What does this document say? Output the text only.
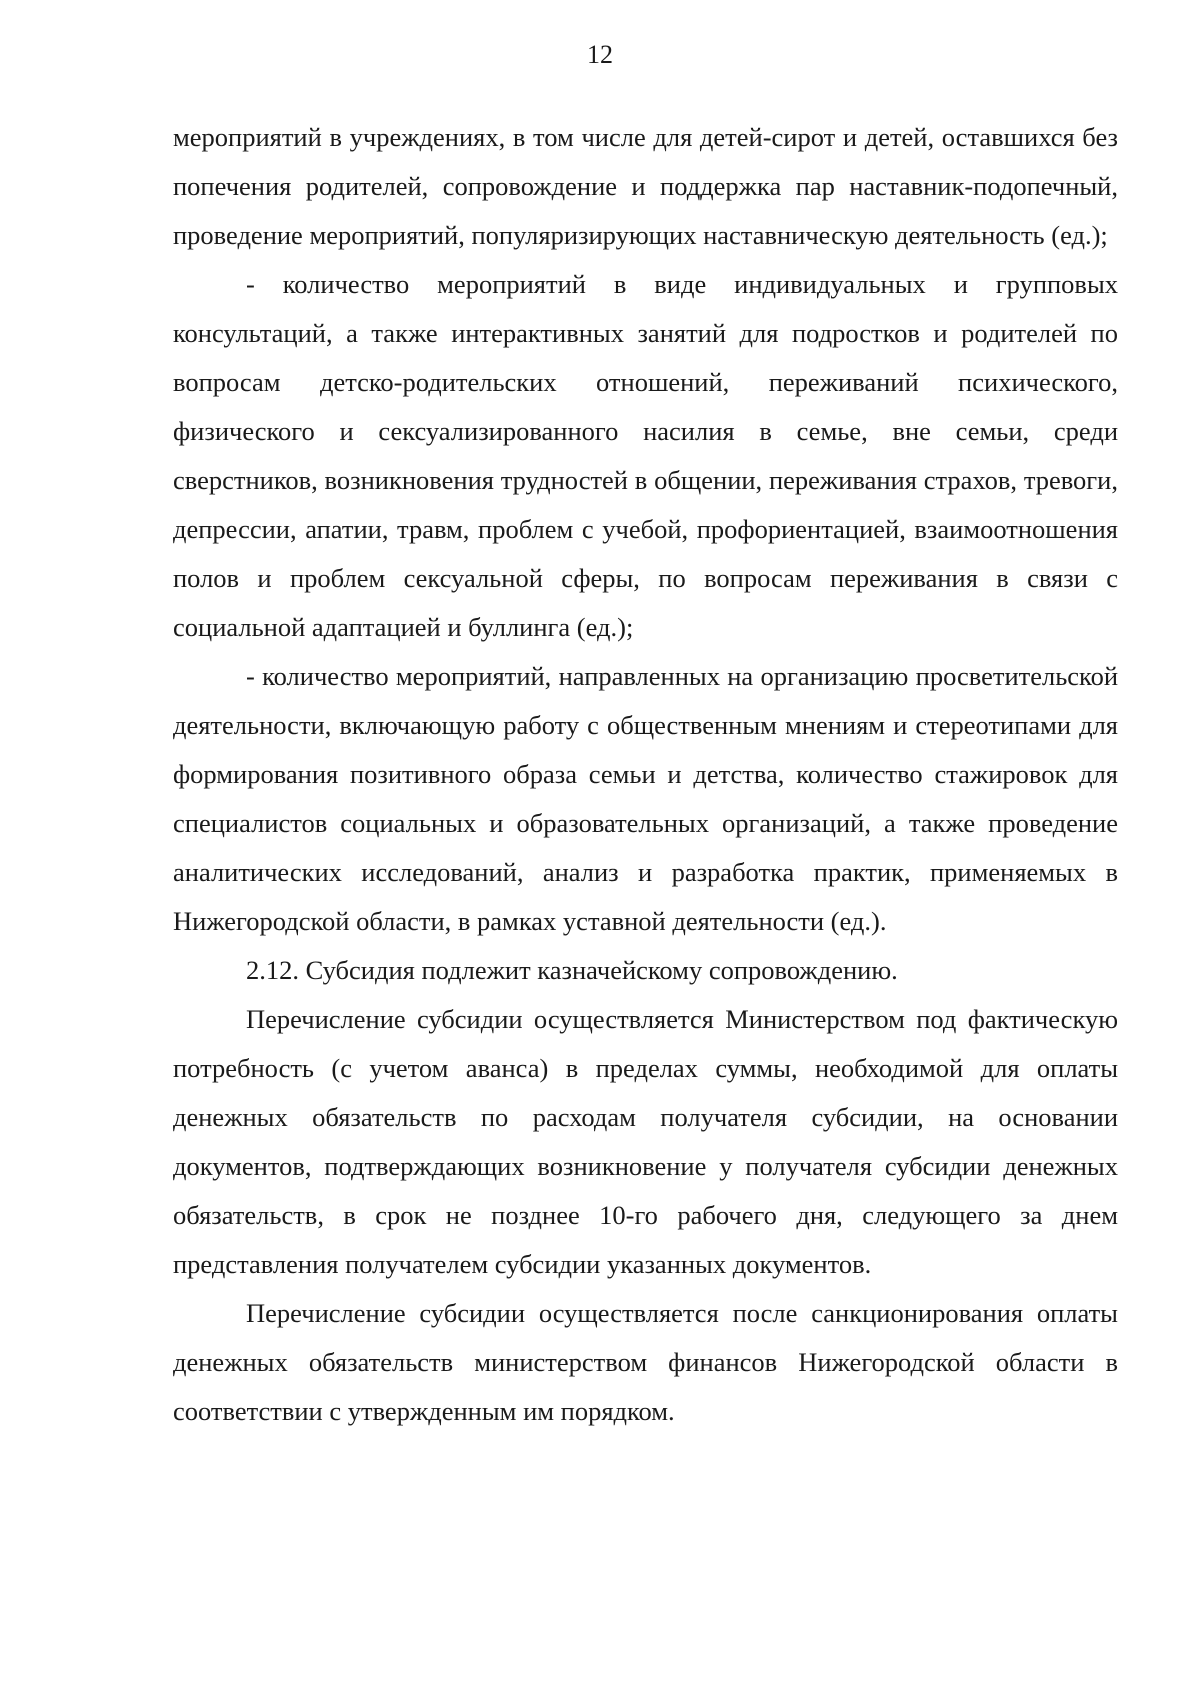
12

мероприятий в учреждениях, в том числе для детей-сирот и детей, оставшихся без попечения родителей, сопровождение и поддержка пар наставник-подопечный, проведение мероприятий, популяризирующих наставническую деятельность (ед.);

- количество мероприятий в виде индивидуальных и групповых консультаций, а также интерактивных занятий для подростков и родителей по вопросам детско-родительских отношений, переживаний психического, физического и сексуализированного насилия в семье, вне семьи, среди сверстников, возникновения трудностей в общении, переживания страхов, тревоги, депрессии, апатии, травм, проблем с учебой, профориентацией, взаимоотношения полов и проблем сексуальной сферы, по вопросам переживания в связи с социальной адаптацией и буллинга (ед.);

- количество мероприятий, направленных на организацию просветительской деятельности, включающую работу с общественным мнениям и стереотипами для формирования позитивного образа семьи и детства, количество стажировок для специалистов социальных и образовательных организаций, а также проведение аналитических исследований, анализ и разработка практик, применяемых в Нижегородской области, в рамках уставной деятельности (ед.).

2.12. Субсидия подлежит казначейскому сопровождению.

Перечисление субсидии осуществляется Министерством под фактическую потребность (с учетом аванса) в пределах суммы, необходимой для оплаты денежных обязательств по расходам получателя субсидии, на основании документов, подтверждающих возникновение у получателя субсидии денежных обязательств, в срок не позднее 10-го рабочего дня, следующего за днем представления получателем субсидии указанных документов.

Перечисление субсидии осуществляется после санкционирования оплаты денежных обязательств министерством финансов Нижегородской области в соответствии с утвержденным им порядком.
